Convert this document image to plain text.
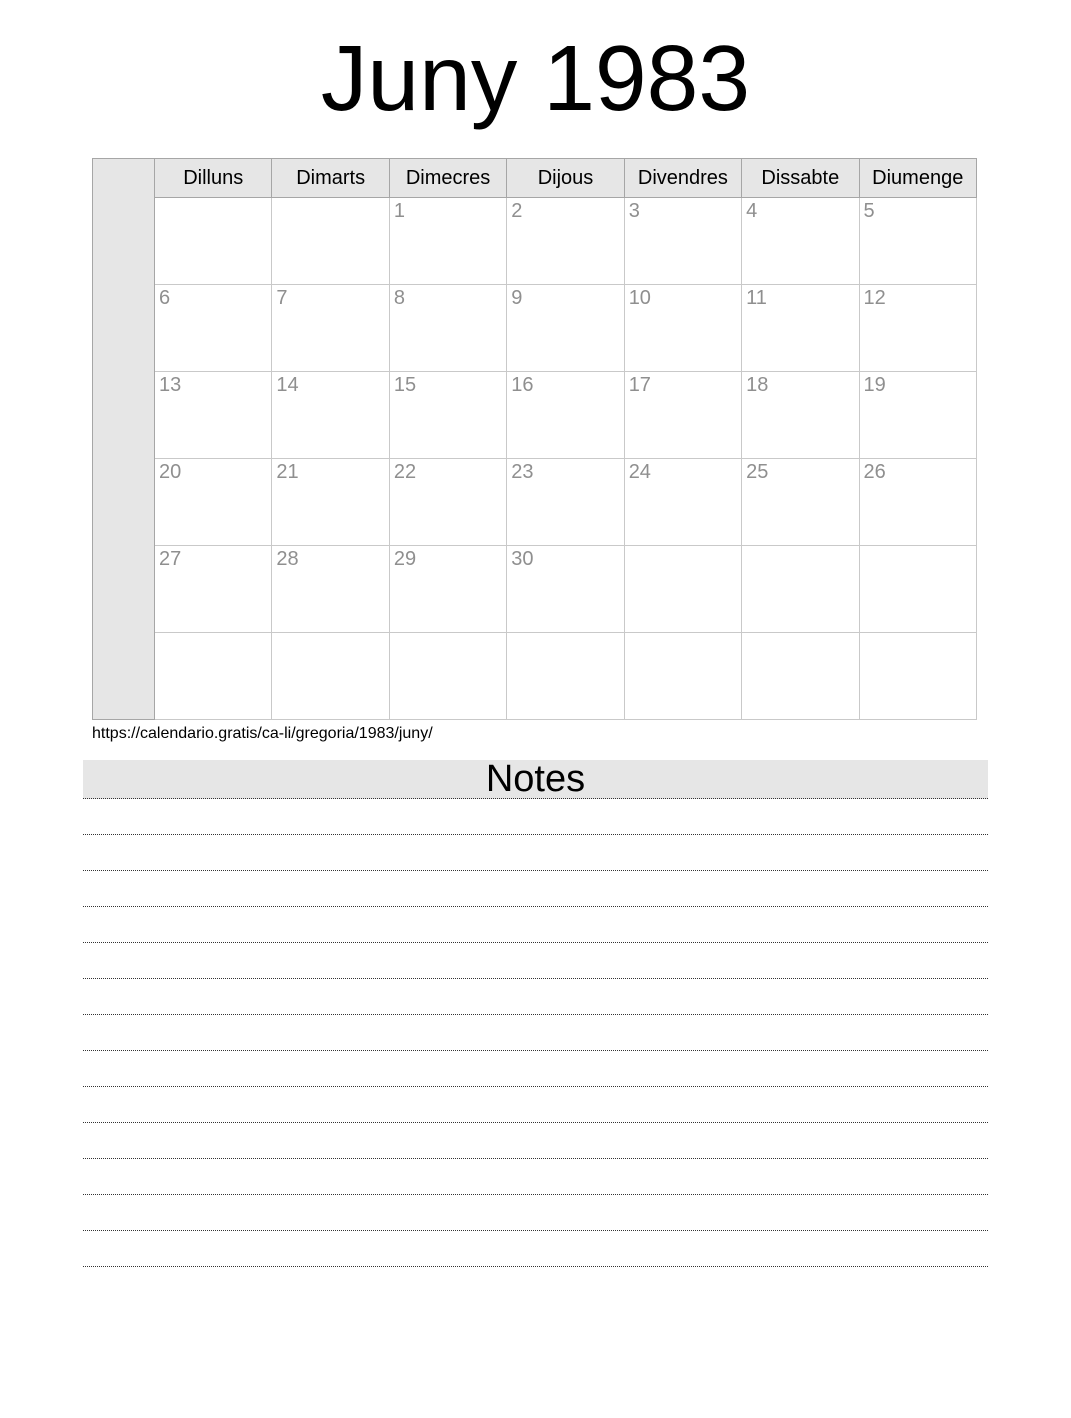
Juny 1983
	Dilluns	Dimarts	Dimecres	Dijous	Divendres	Dissabte	Diumenge
			1	2	3	4	5
	6	7	8	9	10	11	12
	13	14	15	16	17	18	19
	20	21	22	23	24	25	26
	27	28	29	30			

https://calendario.gratis/ca-li/gregoria/1983/juny/
Notes
